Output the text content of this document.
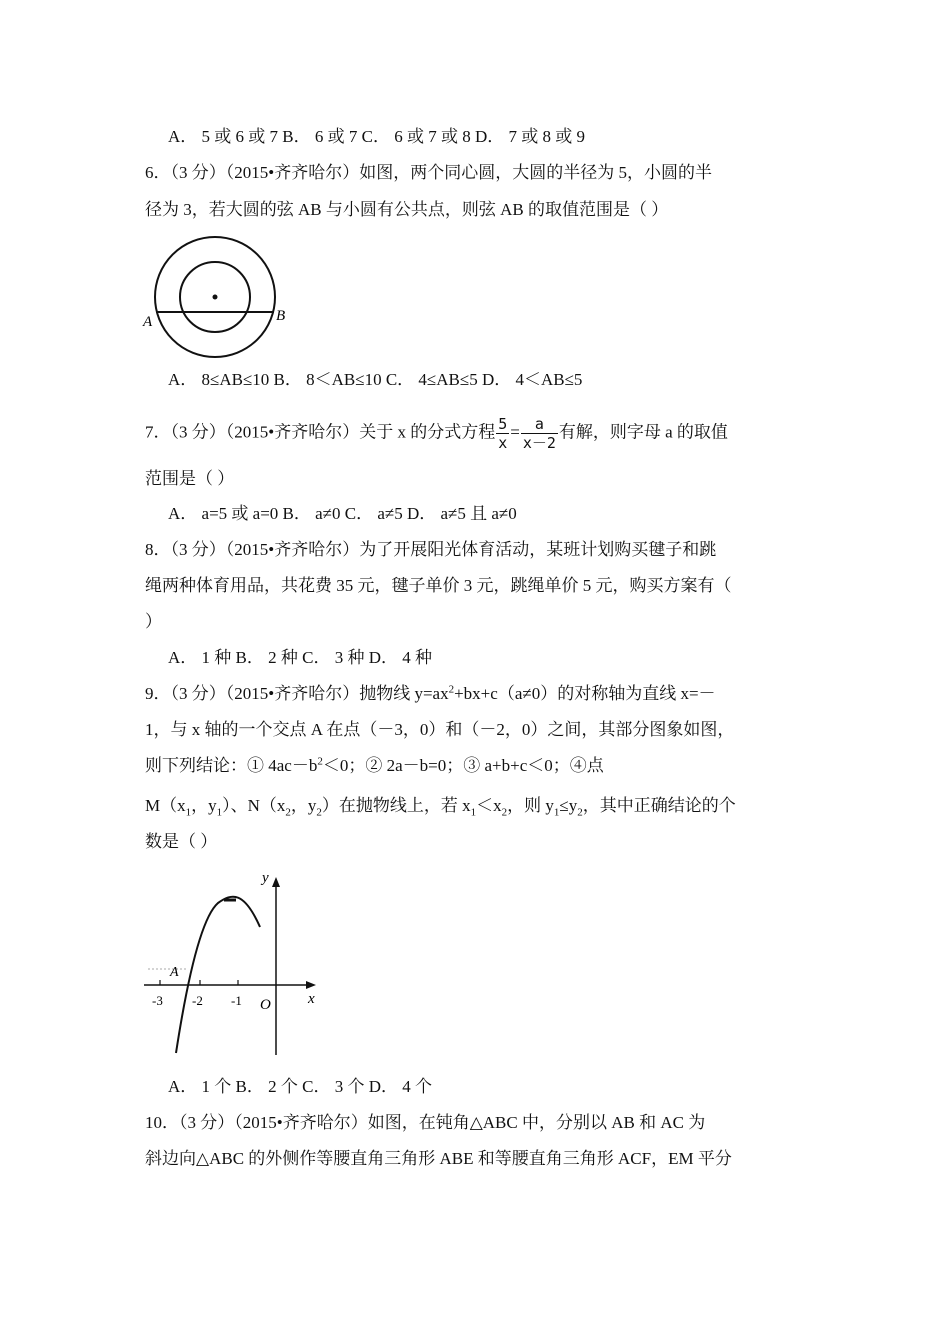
A． 5 或 6 或 7 B． 6 或 7 C． 6 或 7 或 8 D． 7 或 8 或 9
6．（3 分）（2015•齐齐哈尔）如图，两个同心圆，大圆的半径为 5，小圆的半
径为 3，若大圆的弦 AB 与小圆有公共点，则弦 AB 的取值范围是（ ）
A	B
A． 8≤AB≤10 B． 8＜AB≤10 C． 4≤AB≤5 D． 4＜AB≤5
7．（3 分）（2015•齐齐哈尔）关于 x 的分式方程 $\frac{5}{x} = \frac{a}{x-2}$ 有解，则字母 a 的取值
范围是（ ）
A． a=5 或 a=0 B． a≠0 C． a≠5 D． a≠5 且 a≠0
8．（3 分）（2015•齐齐哈尔）为了开展阳光体育活动，某班计划购买毽子和跳
绳两种体育用品，共花费 35 元，毽子单价 3 元，跳绳单价 5 元，购买方案有（
）
A． 1 种 B． 2 种 C． 3 种 D． 4 种
9．（3 分）（2015•齐齐哈尔）抛物线 $y=ax^2+bx+c(a\ne 0)$的对称轴为直线 x=－
1，与 x 轴的一个交点 A 在点（－3，0）和（－2，0）之间，其部分图象如图，
则下列结论：① $4ac-b^2<0$；② 2a－b=0；③ a+b+c＜0；④点
$M(x_1$，$y_1$）、$N(x_2$，$y_2$）在抛物线上，若 $x_1<x_2$，则 $y_1\le y_2$，其中正确结论的个
数是（ ）
-3 -2 -1 O x
y
A
A． 1 个 B． 2 个 C． 3 个 D． 4 个
10．（3 分）（2015•齐齐哈尔）如图，在钝角△ABC 中，分别以 AB 和 AC 为
斜边向△ABC 的外侧作等腰直角三角形 ABE 和等腰直角三角形 ACF，EM 平分
